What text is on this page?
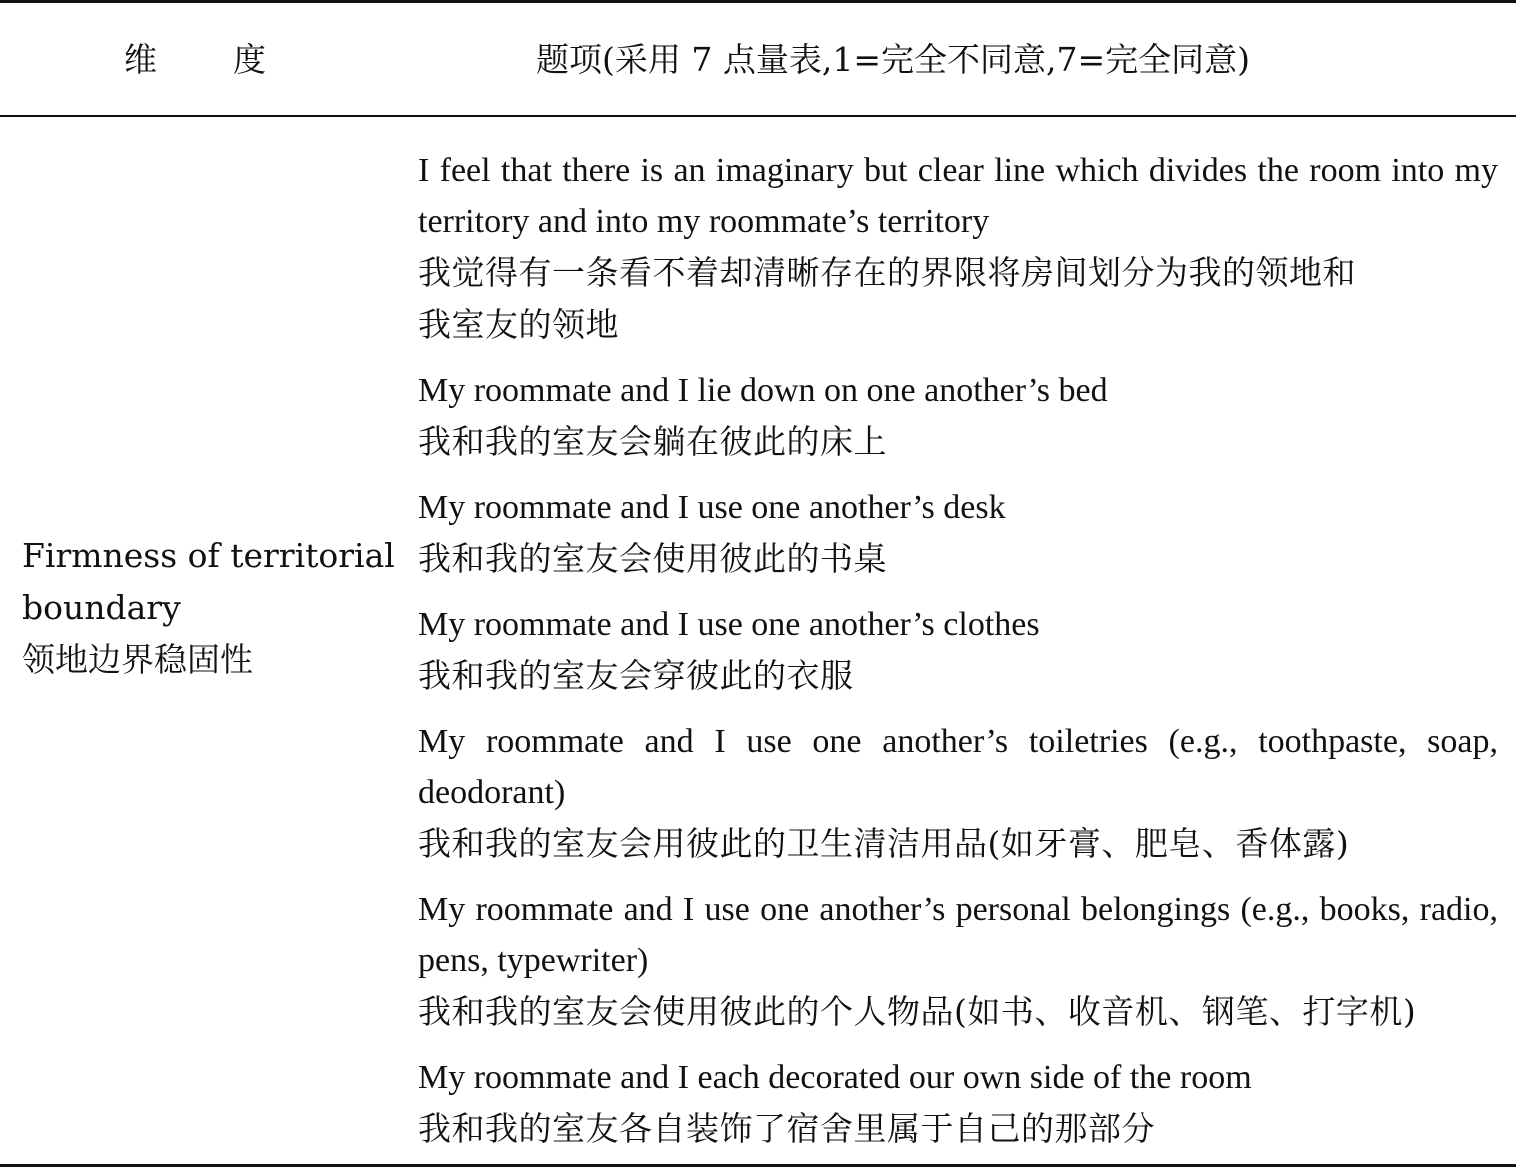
维 度	题项(采用 7 点量表,1=完全不同意,7=完全同意)
Firmness of territorial
boundary
领地边界稳固性
I feel that there is an imaginary but clear line which divides the room into my territory and into my roommate’s territory
我觉得有一条看不着却清晰存在的界限将房间划分为我的领地和
我室友的领地
My roommate and I lie down on one another’s bed
我和我的室友会躺在彼此的床上
My roommate and I use one another’s desk
我和我的室友会使用彼此的书桌
My roommate and I use one another’s clothes
我和我的室友会穿彼此的衣服
My roommate and I use one another’s toiletries (e.g., toothpaste, soap, deodorant)
我和我的室友会用彼此的卫生清洁用品(如牙膏、肥皂、香体露)
My roommate and I use one another’s personal belongings (e.g., books, radio, pens, typewriter)
我和我的室友会使用彼此的个人物品(如书、收音机、钢笔、打字机)
My roommate and I each decorated our own side of the room
我和我的室友各自装饰了宿舍里属于自己的那部分
